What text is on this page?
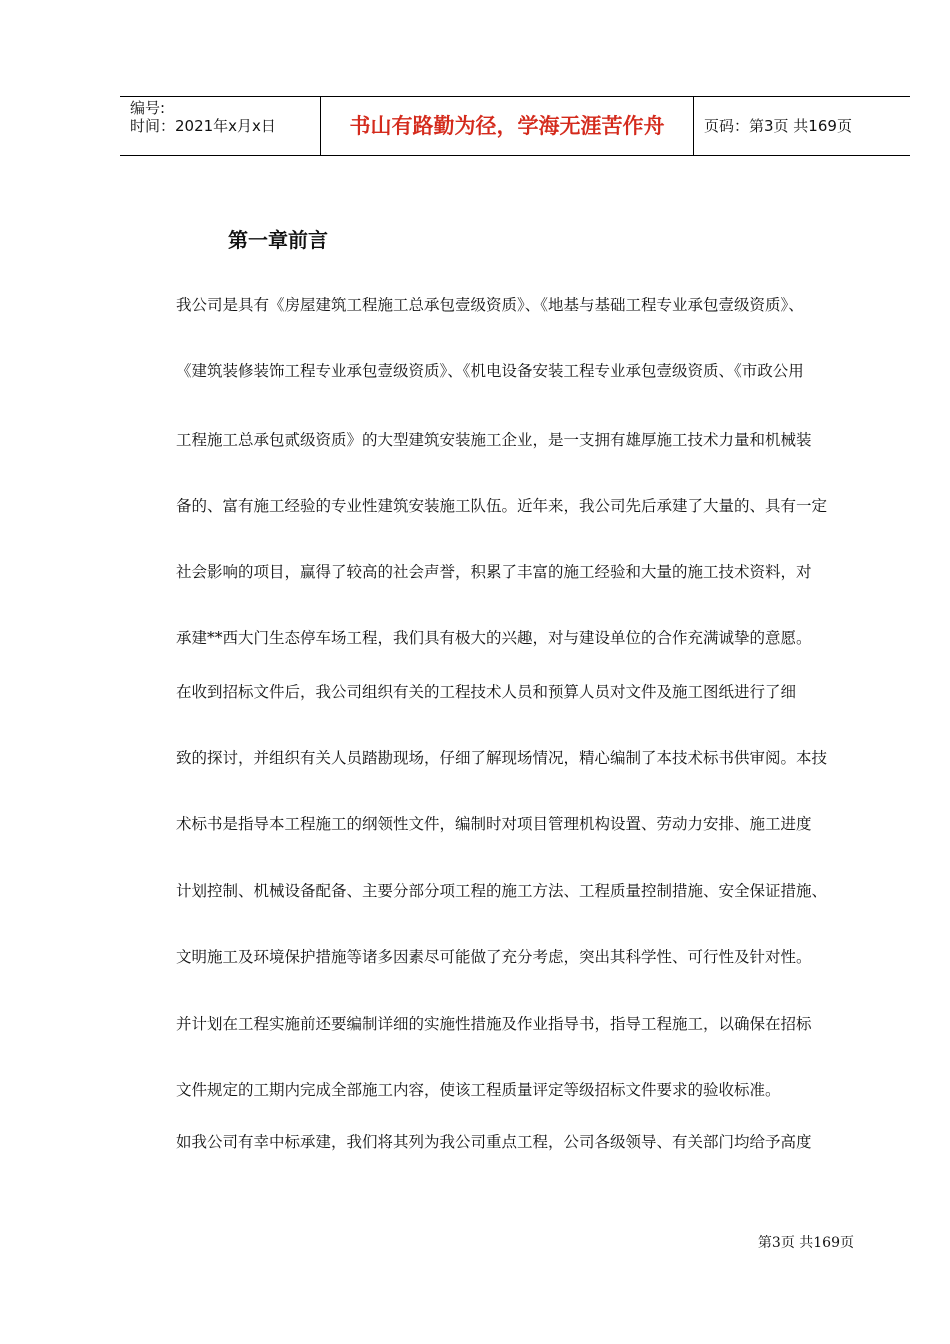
编号:
时间：2021年x月x日	书山有路勤为径，学海无涯苦作舟	页码：第3页 共169页
第一章前言

我公司是具有《房屋建筑工程施工总承包壹级资质》、《地基与基础工程专业承包壹级资质》、

《建筑装修装饰工程专业承包壹级资质》、《机电设备安装工程专业承包壹级资质、《市政公用

工程施工总承包贰级资质》的大型建筑安装施工企业，是一支拥有雄厚施工技术力量和机械装

备的、富有施工经验的专业性建筑安装施工队伍。近年来，我公司先后承建了大量的、具有一定

社会影响的项目，赢得了较高的社会声誉，积累了丰富的施工经验和大量的施工技术资料，对

承建**西大门生态停车场工程，我们具有极大的兴趣，对与建设单位的合作充满诚挚的意愿。

在收到招标文件后，我公司组织有关的工程技术人员和预算人员对文件及施工图纸进行了细

致的探讨，并组织有关人员踏勘现场，仔细了解现场情况，精心编制了本技术标书供审阅。本技

术标书是指导本工程施工的纲领性文件，编制时对项目管理机构设置、劳动力安排、施工进度

计划控制、机械设备配备、主要分部分项工程的施工方法、工程质量控制措施、安全保证措施、

文明施工及环境保护措施等诸多因素尽可能做了充分考虑，突出其科学性、可行性及针对性。

并计划在工程实施前还要编制详细的实施性措施及作业指导书，指导工程施工，以确保在招标

文件规定的工期内完成全部施工内容，使该工程质量评定等级招标文件要求的验收标准。

如我公司有幸中标承建，我们将其列为我公司重点工程，公司各级领导、有关部门均给予高度

第3页 共169页
